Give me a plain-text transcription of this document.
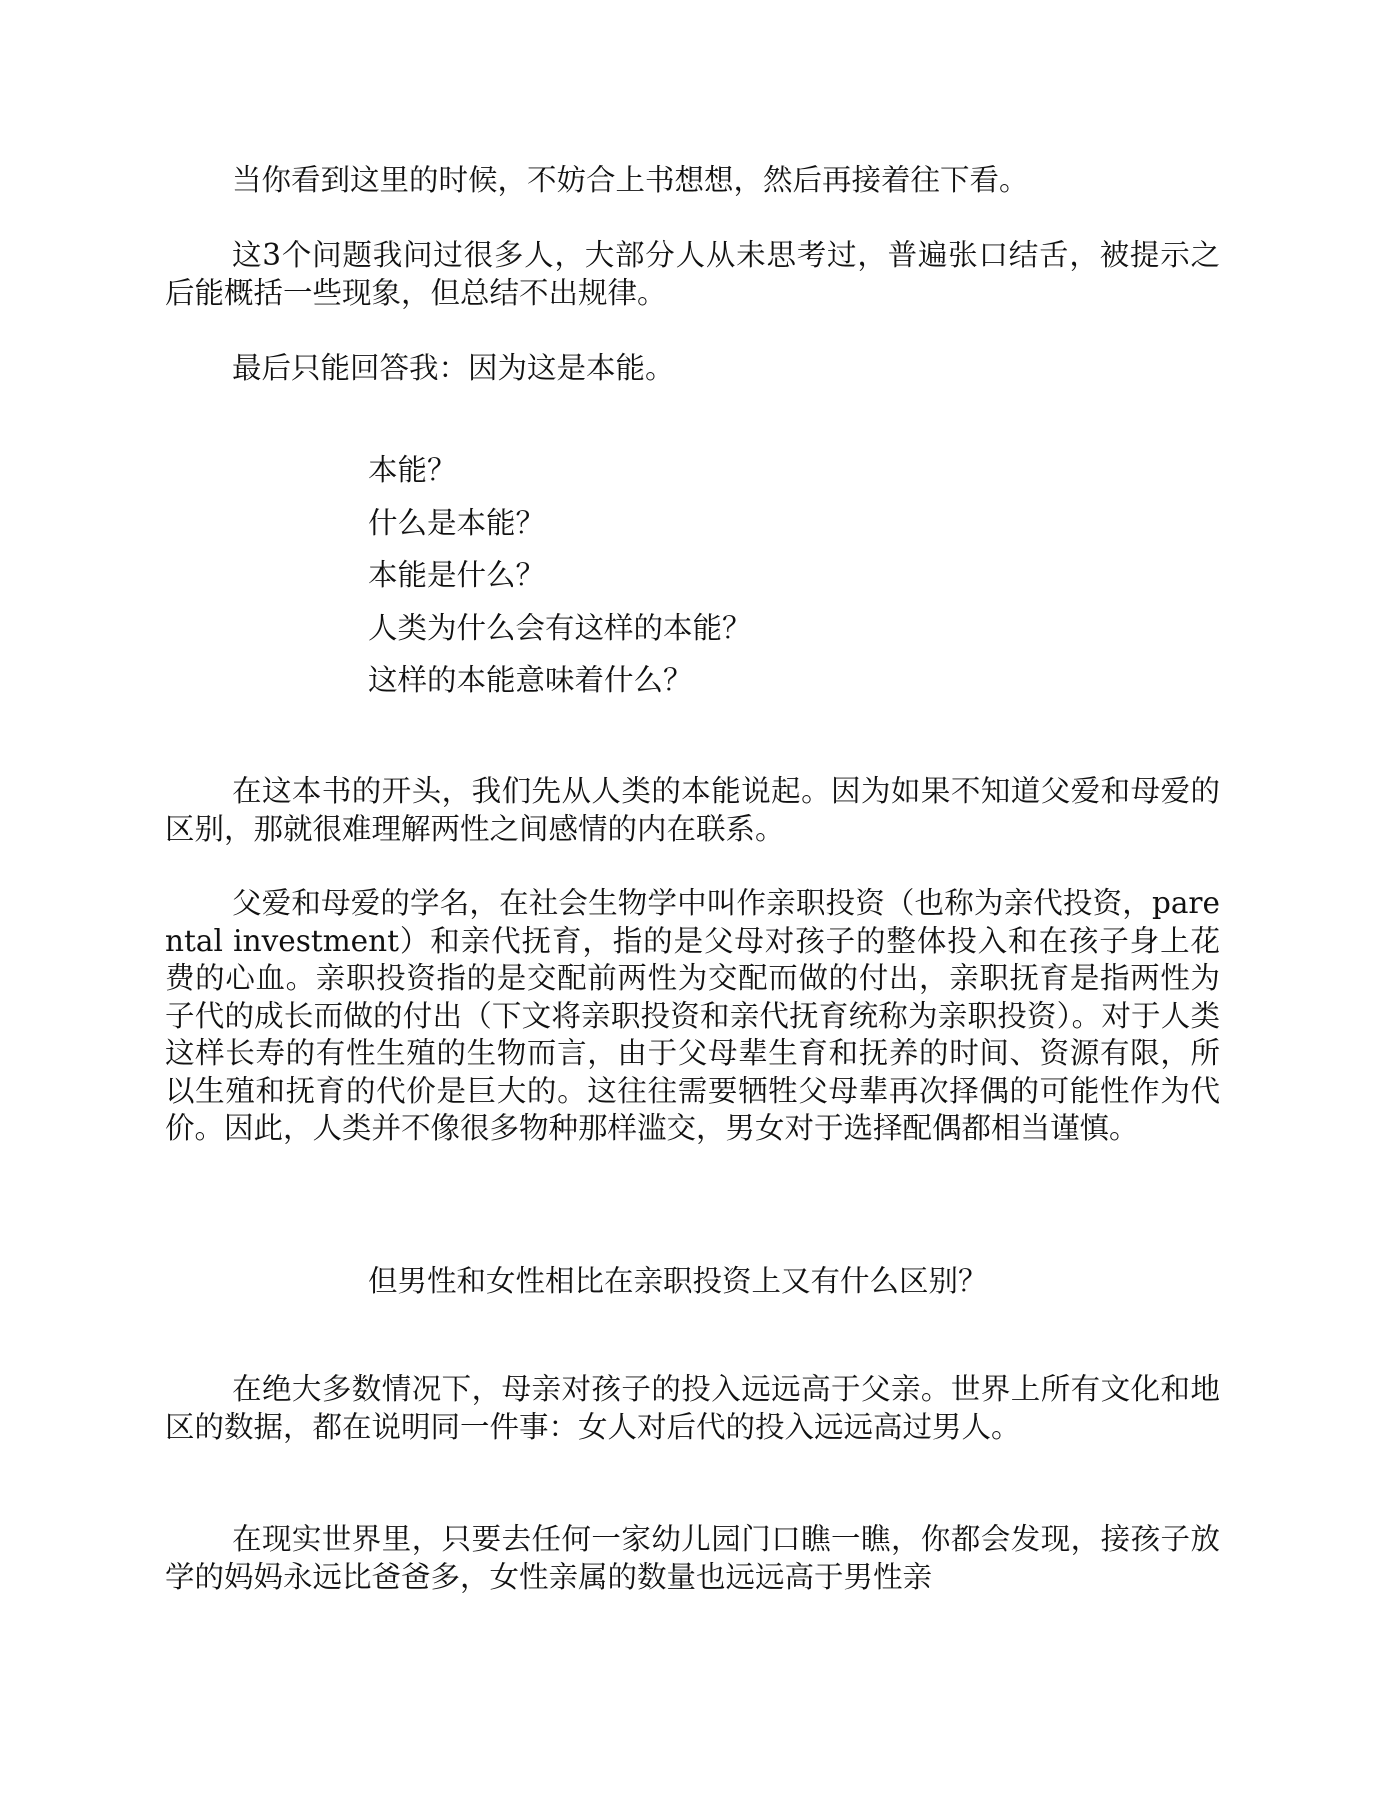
当你看到这里的时候，不妨合上书想想，然后再接着往下看。

这3个问题我问过很多人，大部分人从未思考过，普遍张口结舌，被提示之后能概括一些现象，但总结不出规律。

最后只能回答我：因为这是本能。

本能？
什么是本能？
本能是什么？
人类为什么会有这样的本能？
这样的本能意味着什么？

在这本书的开头，我们先从人类的本能说起。因为如果不知道父爱和母爱的区别，那就很难理解两性之间感情的内在联系。

父爱和母爱的学名，在社会生物学中叫作亲职投资（也称为亲代投资，parental investment）和亲代抚育，指的是父母对孩子的整体投入和在孩子身上花费的心血。亲职投资指的是交配前两性为交配而做的付出，亲职抚育是指两性为子代的成长而做的付出（下文将亲职投资和亲代抚育统称为亲职投资）。对于人类这样长寿的有性生殖的生物而言，由于父母辈生育和抚养的时间、资源有限，所以生殖和抚育的代价是巨大的。这往往需要牺牲父母辈再次择偶的可能性作为代价。因此，人类并不像很多物种那样滥交，男女对于选择配偶都相当谨慎。

但男性和女性相比在亲职投资上又有什么区别？

在绝大多数情况下，母亲对孩子的投入远远高于父亲。世界上所有文化和地区的数据，都在说明同一件事：女人对后代的投入远远高过男人。

在现实世界里，只要去任何一家幼儿园门口瞧一瞧，你都会发现，接孩子放学的妈妈永远比爸爸多，女性亲属的数量也远远高于男性亲
